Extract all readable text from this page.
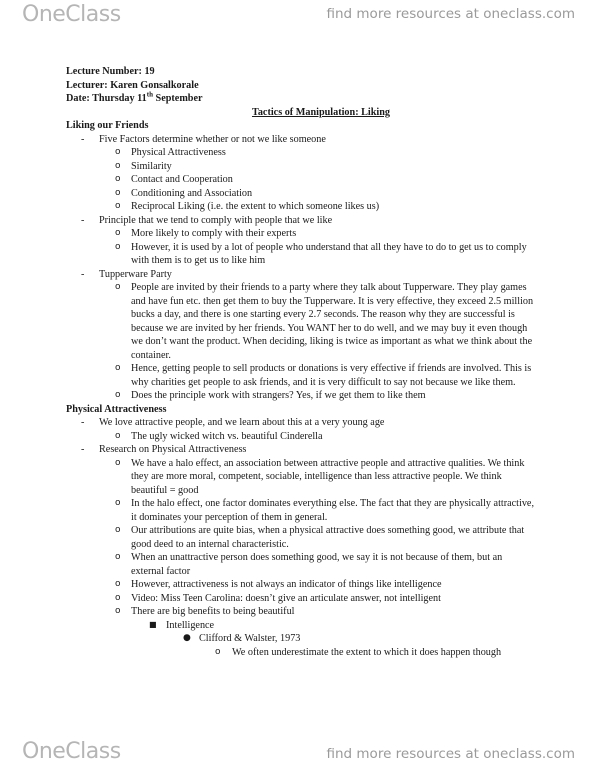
OneClass	find more resources at oneclass.com

Lecture Number: 19

Lecturer: Karen Gonsalkorale

Date: Thursday 11th September

Tactics of Manipulation: Liking

Liking our Friends

- Five Factors determine whether or not we like someone
o Physical Attractiveness
o Similarity
o Contact and Cooperation
o Conditioning and Association
o Reciprocal Liking (i.e. the extent to which someone likes us)
- Principle that we tend to comply with people that we like
o More likely to comply with their experts
o However, it is used by a lot of people who understand that all they have to do to get us to comply with them is to get us to like him
- Tupperware Party
o People are invited by their friends to a party where they talk about Tupperware. They play games and have fun etc. then get them to buy the Tupperware. It is very effective, they exceed 2.5 million bucks a day, and there is one starting every 2.7 seconds. The reason why they are successful is because we are invited by her friends. You WANT her to do well, and we may buy it even though we don’t want the product. When deciding, liking is twice as important as what we think about the container.
o Hence, getting people to sell products or donations is very effective if friends are involved. This is why charities get people to ask friends, and it is very difficult to say not because we like them.
o Does the principle work with strangers? Yes, if we get them to like them

Physical Attractiveness

- We love attractive people, and we learn about this at a very young age
o The ugly wicked witch vs. beautiful Cinderella
- Research on Physical Attractiveness
o We have a halo effect, an association between attractive people and attractive qualities. We think they are more moral, competent, sociable, intelligence than less attractive people. We think beautiful = good
o In the halo effect, one factor dominates everything else. The fact that they are physically attractive, it dominates your perception of them in general.
o Our attributions are quite bias, when a physical attractive does something good, we attribute that good deed to an internal characteristic.
o When an unattractive person does something good, we say it is not because of them, but an external factor
o However, attractiveness is not always an indicator of things like intelligence
o Video: Miss Teen Carolina: doesn’t give an articulate answer, not intelligent
o There are big benefits to being beautiful
■ Intelligence
● Clifford & Walster, 1973
o We often underestimate the extent to which it does happen though
OneClass	find more resources at oneclass.com
